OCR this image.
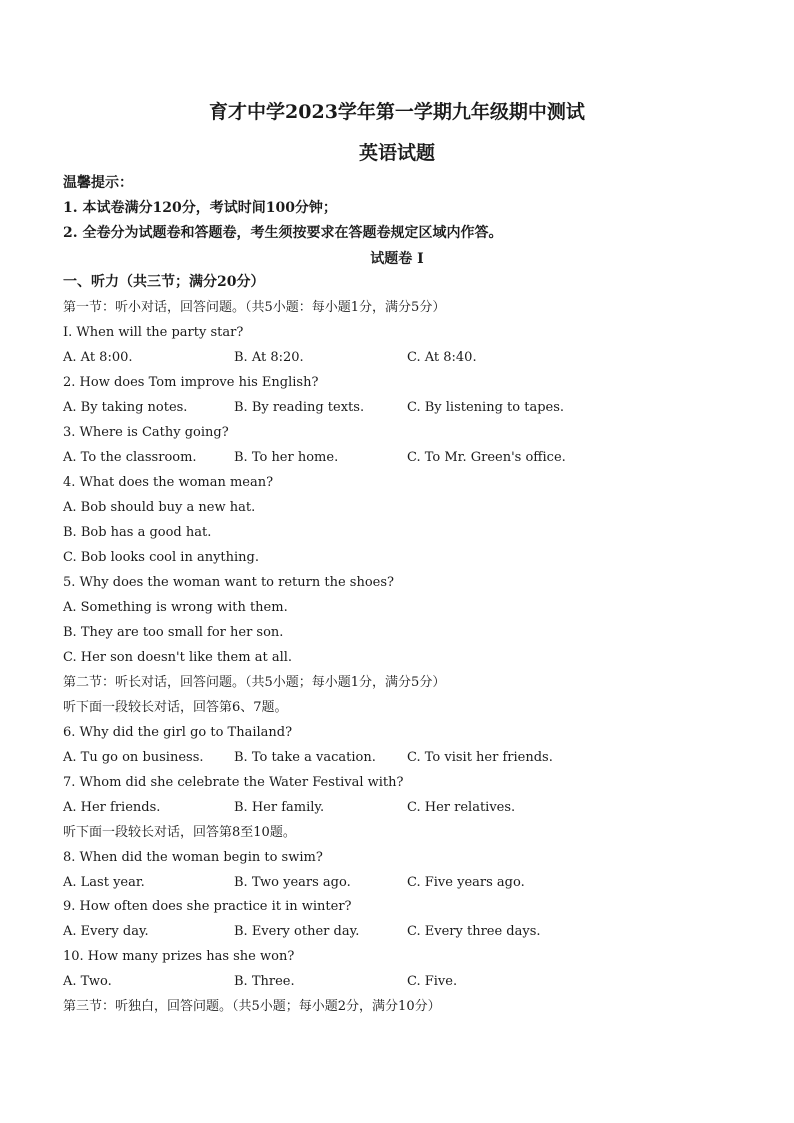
育才中学2023学年第一学期九年级期中测试
英语试题
温馨提示：
1. 本试卷满分120分，考试时间100分钟；
2. 全卷分为试题卷和答题卷，考生须按要求在答题卷规定区域内作答。
试题卷 I
一、听力（共三节；满分20分）
第一节：听小对话，回答问题。（共5小题：每小题1分，满分5分）
I. When will the party star?
A. At 8:00.	B. At 8:20.	C. At 8:40.
2. How does Tom improve his English?
A. By taking notes.	B. By reading texts.	C. By listening to tapes.
3. Where is Cathy going?
A. To the classroom.	B. To her home.	C. To Mr. Green's office.
4. What does the woman mean?
A. Bob should buy a new hat.
B. Bob has a good hat.
C. Bob looks cool in anything.
5. Why does the woman want to return the shoes?
A. Something is wrong with them.
B. They are too small for her son.
C. Her son doesn't like them at all.
第二节：听长对话，回答问题。（共5小题；每小题1分，满分5分）
听下面一段较长对话，回答第6、7题。
6. Why did the girl go to Thailand?
A. Tu go on business. B. To take a vacation. C. To visit her friends.
7. Whom did she celebrate the Water Festival with?
A. Her friends.	B. Her family.	C. Her relatives.
听下面一段较长对话，回答第8至10题。
8. When did the woman begin to swim?
A. Last year.	B. Two years ago.	C. Five years ago.
9. How often does she practice it in winter?
A. Every day.	B. Every other day.	C. Every three days.
10. How many prizes has she won?
A. Two.	B. Three.	C. Five.
第三节：听独白，回答问题。（共5小题；每小题2分，满分10分）
